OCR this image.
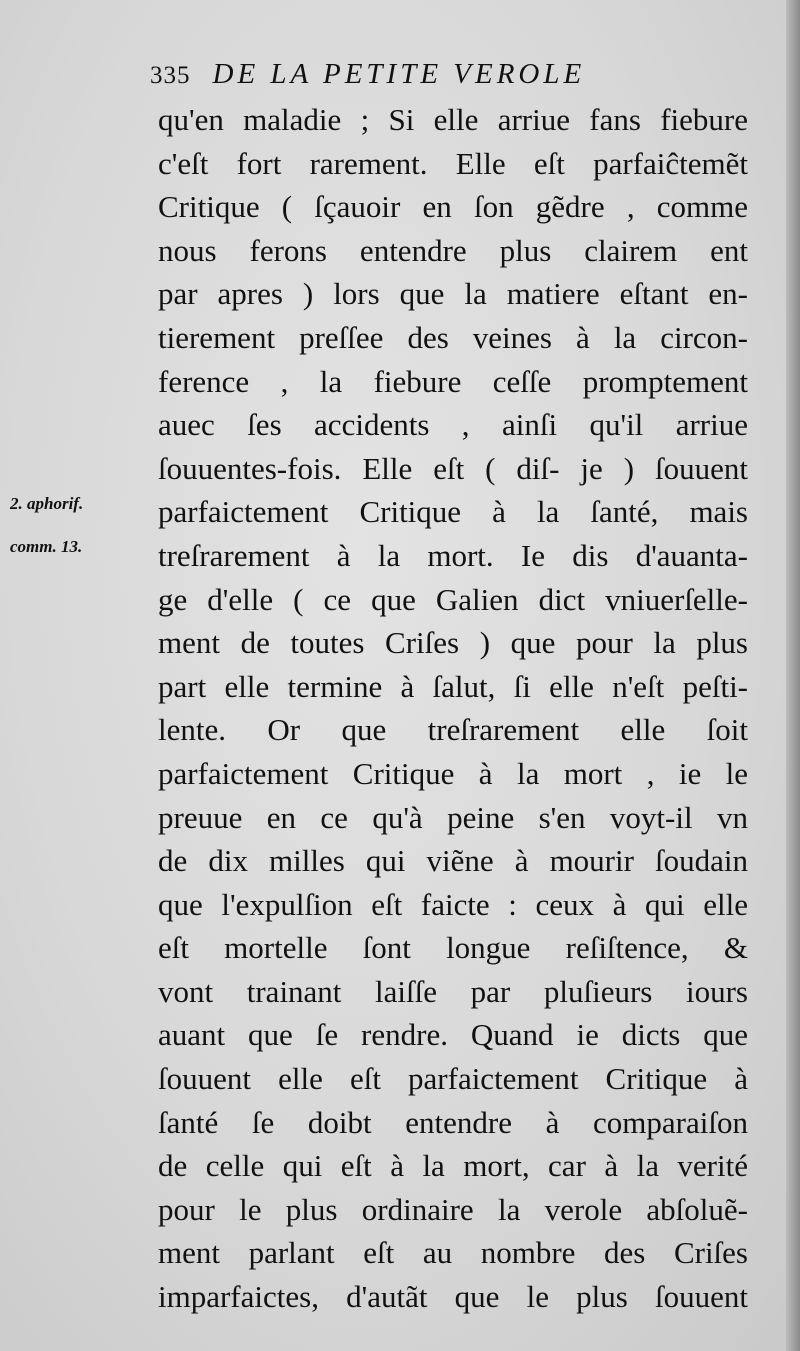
335 DE LA PETITE VEROLE
2. aphorif.
comm. 13.
qu'en maladie ; Si elle arriue fans fiebure
c'eſt fort rarement. Elle eſt parfaiĉtemẽt
Critique ( ſçauoir en ſon gẽdre , comme
nous ferons entendre plus clairem ent
par apres ) lors que la matiere eſtant en-
tierement preſſee des veines à la circon-
ference , la fiebure ceſſe promptement
auec ſes accidents , ainſi qu'il arriue
ſouuentes-fois. Elle eſt ( diſ- je ) ſouuent
parfaictement Critique à la ſanté, mais
treſrarement à la mort. Ie dis d'auanta-
ge d'elle ( ce que Galien dict vniuerſelle-
ment de toutes Criſes ) que pour la plus
part elle termine à ſalut, ſi elle n'eſt peſti-
lente. Or que treſrarement elle ſoit
parfaictement Critique à la mort , ie le
preuue en ce qu'à peine s'en voyt-il vn
de dix milles qui viẽne à mourir ſoudain
que l'expulſion eſt faicte : ceux à qui elle
eſt mortelle ſont longue reſiſtence, &
vont trainant laiſſe par pluſieurs iours
auant que ſe rendre. Quand ie dicts que
ſouuent elle eſt parfaictement Critique à
ſanté ſe doibt entendre à comparaiſon
de celle qui eſt à la mort, car à la verité
pour le plus ordinaire la verole abſoluẽ-
ment parlant eſt au nombre des Criſes
imparfaictes, d'autãt que le plus ſouuent
